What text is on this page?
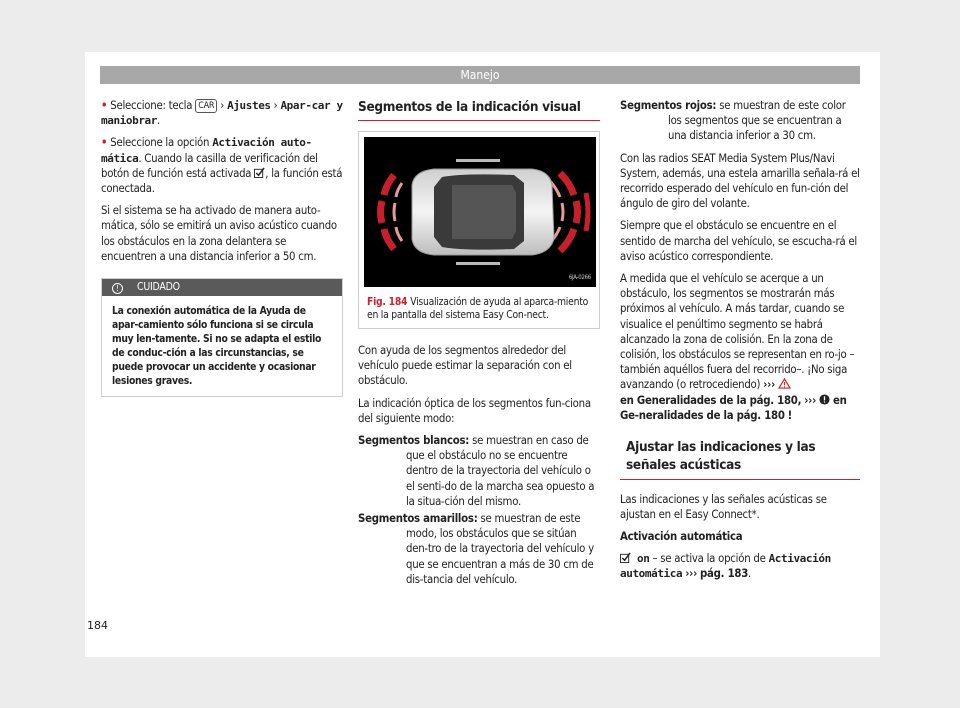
Manejo

• Seleccione: tecla CAR › Ajustes › Apar-car y maniobrar.

• Seleccione la opción Activación auto-mática. Cuando la casilla de verificación del botón de función está activada , la función está conectada.

Si el sistema se ha activado de manera auto-mática, sólo se emitirá un aviso acústico cuando los obstáculos en la zona delantera se encuentren a una distancia inferior a 50 cm.

! CUIDADO
La conexión automática de la Ayuda de apar-camiento sólo funciona si se circula muy len-tamente. Si no se adapta el estilo de conduc-ción a las circunstancias, se puede provocar un accidente y ocasionar lesiones graves.
Segmentos de la indicación visual
6JA-0266
Fig. 184 Visualización de ayuda al aparca-miento en la pantalla del sistema Easy Con-nect.

Con ayuda de los segmentos alrededor del vehículo puede estimar la separación con el obstáculo.

La indicación óptica de los segmentos fun-ciona del siguiente modo:

Segmentos blancos: se muestran en caso de que el obstáculo no se encuentre dentro de la trayectoria del vehículo o el senti-do de la marcha sea opuesto a la situa-ción del mismo.
Segmentos amarillos: se muestran de este modo, los obstáculos que se sitúan den-tro de la trayectoria del vehículo y que se encuentran a más de 30 cm de dis-tancia del vehículo.
Segmentos rojos: se muestran de este color los segmentos que se encuentran a una distancia inferior a 30 cm.

Con las radios SEAT Media System Plus/Navi System, además, una estela amarilla señala-rá el recorrido esperado del vehículo en fun-ción del ángulo de giro del volante.

Siempre que el obstáculo se encuentre en el sentido de marcha del vehículo, se escucha-rá el aviso acústico correspondiente.

A medida que el vehículo se acerque a un obstáculo, los segmentos se mostrarán más próximos al vehículo. A más tardar, cuando se visualice el penúltimo segmento se habrá alcanzado la zona de colisión. En la zona de colisión, los obstáculos se representan en ro-jo –también aquéllos fuera del recorrido–. ¡No siga avanzando (o retrocediendo) ›››
en Generalidades de la pág. 180, ››› en Ge-neralidades de la pág. 180 !

Ajustar las indicaciones y las señales acústicas

Las indicaciones y las señales acústicas se ajustan en el Easy Connect*.

Activación automática

on – se activa la opción de Activación automática ››› pág. 183.

184
